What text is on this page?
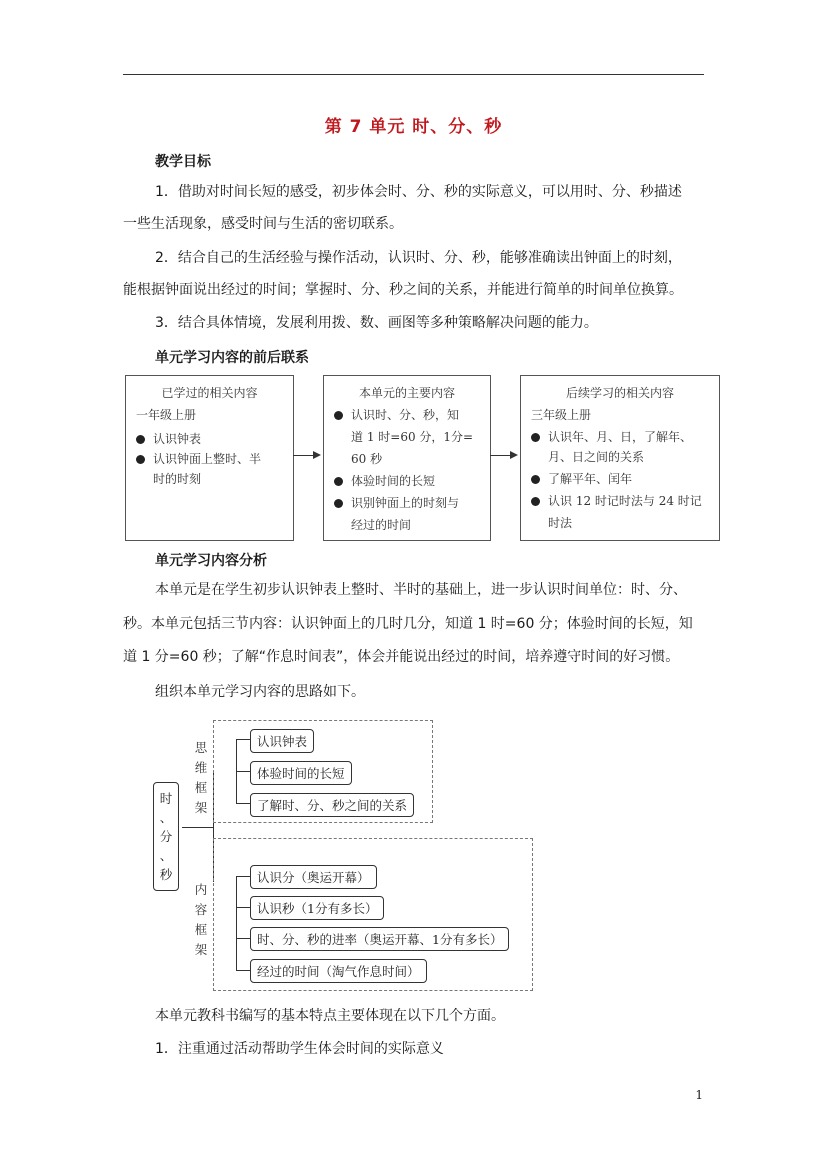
第 7 单元 时、分、秒
教学目标
1．借助对时间长短的感受，初步体会时、分、秒的实际意义，可以用时、分、秒描述
一些生活现象，感受时间与生活的密切联系。
2．结合自己的生活经验与操作活动，认识时、分、秒，能够准确读出钟面上的时刻，
能根据钟面说出经过的时间；掌握时、分、秒之间的关系，并能进行简单的时间单位换算。
3．结合具体情境，发展利用拨、数、画图等多种策略解决问题的能力。
单元学习内容的前后联系
已学过的相关内容
一年级上册
认识钟表
认识钟面上整时、半
时的时刻
本单元的主要内容
认识时、分、秒，知
道 1 时=60 分，1分=
60 秒
体验时间的长短
识别钟面上的时刻与
经过的时间
后续学习的相关内容
三年级上册
认识年、月、日，了解年、
月、日之间的关系
了解平年、闰年
认识 12 时记时法与 24 时记
时法
单元学习内容分析
本单元是在学生初步认识钟表上整时、半时的基础上，进一步认识时间单位：时、分、
秒。本单元包括三节内容：认识钟面上的几时几分，知道 1 时=60 分；体验时间的长短，知
道 1 分=60 秒；了解“作息时间表”，体会并能说出经过的时间，培养遵守时间的好习惯。
组织本单元学习内容的思路如下。
时
、
分
、
秒
思
维
框
架
认识钟表
体验时间的长短
了解时、分、秒之间的关系
内
容
框
架
认识分（奥运开幕）
认识秒（1分有多长）
时、分、秒的进率（奥运开幕、1分有多长）
经过的时间（淘气作息时间）
本单元教科书编写的基本特点主要体现在以下几个方面。
1．注重通过活动帮助学生体会时间的实际意义
1
